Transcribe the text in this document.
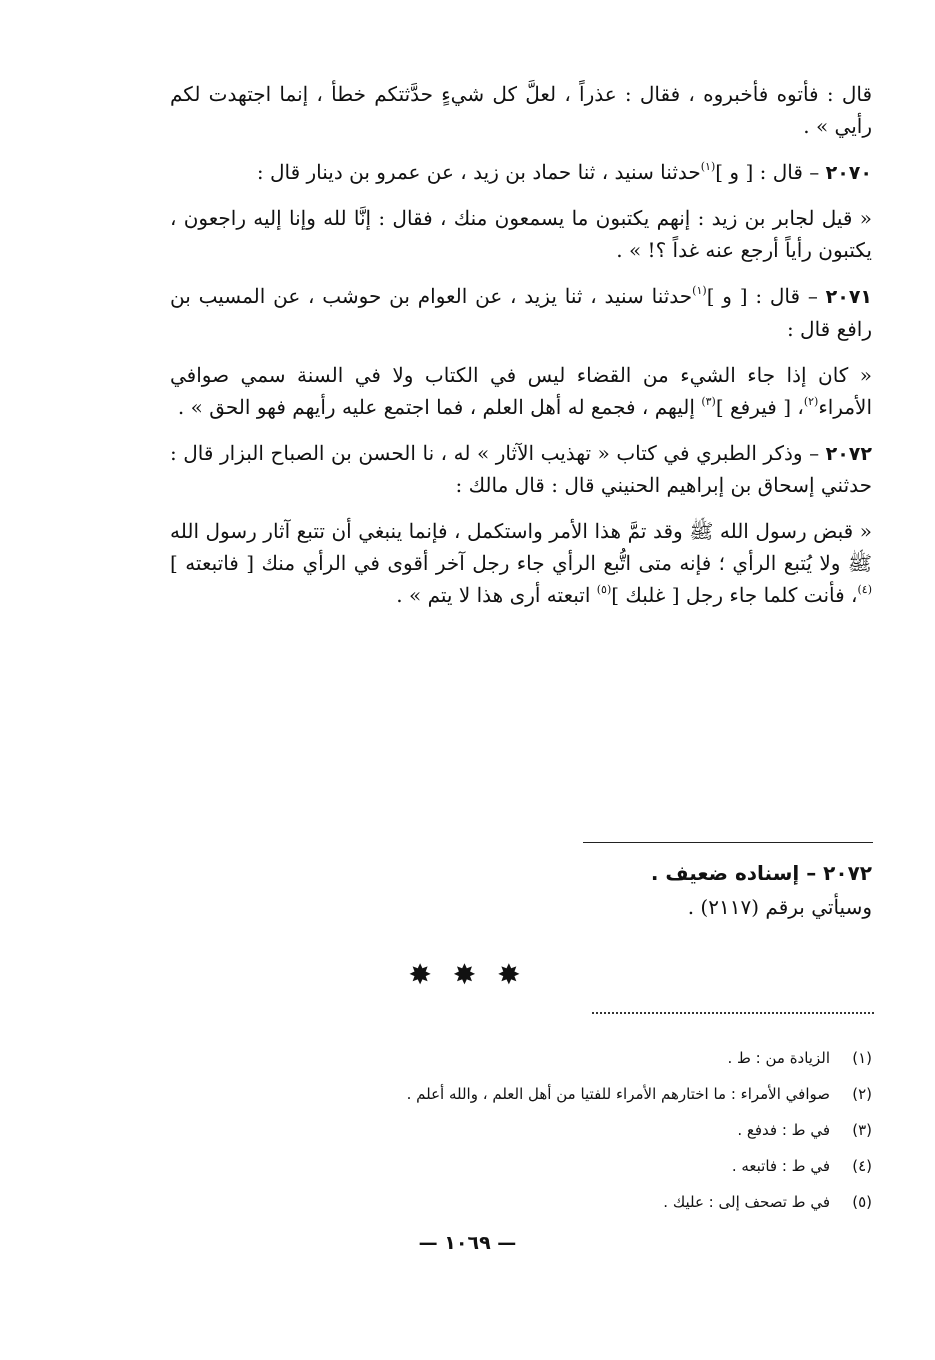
قال : فأتوه فأخبروه ، فقال : عذراً ، لعلَّ كل شيءٍ حدَّثتكم خطأ ، إنما اجتهدت لكم رأيي » .

٢٠٧٠ – قال : [ و ]$^{(١)}$حدثنا سنيد ، ثنا حماد بن زيد ، عن عمرو بن دينار قال :

« قيل لجابر بن زيد : إنهم يكتبون ما يسمعون منك ، فقال : إنَّا لله وإنا إليه راجعون ، يكتبون رأياً أرجع عنه غداً ؟! » .

٢٠٧١ – قال : [ و ]$^{(١)}$حدثنا سنيد ، ثنا يزيد ، عن العوام بن حوشب ، عن المسيب بن رافع قال :

« كان إذا جاء الشيء من القضاء ليس في الكتاب ولا في السنة سمي صوافي الأمراء$^{(٢)}$، [ فيرفع ]$^{(٣)}$ إليهم ، فجمع له أهل العلم ، فما اجتمع عليه رأيهم فهو الحق » .

٢٠٧٢ – وذكر الطبري في كتاب « تهذيب الآثار » له ، نا الحسن بن الصباح البزار قال : حدثني إسحاق بن إبراهيم الحنيني قال : قال مالك :

« قبض رسول الله ﷺ وقد تمَّ هذا الأمر واستكمل ، فإنما ينبغي أن تتبع آثار رسول الله ﷺ ولا يُتبع الرأي ؛ فإنه متى اتُّبع الرأي جاء رجل آخر أقوى في الرأي منك [ فاتبعته ]$^{(٤)}$، فأنت كلما جاء رجل [ غلبك ]$^{(٥)}$ اتبعته أرى هذا لا يتم » .

٢٠٧٢ – إسناده ضعيف .
وسيأتي برقم (٢١١٧) .
✸ ✸ ✸
(١)
الزيادة من : ط .
(٢)
صوافي الأمراء : ما اختارهم الأمراء للفتيا من أهل العلم ، والله أعلم .
(٣)
في ط : فدفع .
(٤)
في ط : فاتبعه .
(٥)
في ط تصحف إلى : عليك .
— ١٠٦٩ —
